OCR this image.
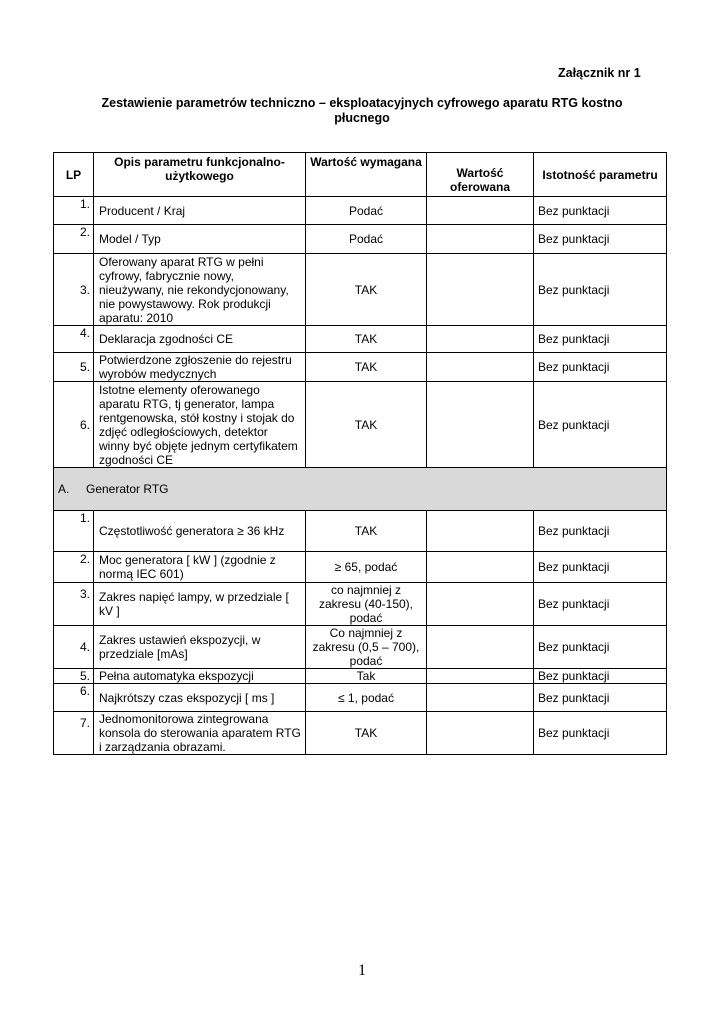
Załącznik nr 1
Zestawienie parametrów techniczno – eksploatacyjnych cyfrowego aparatu RTG kostno płucnego
LP	Opis parametru funkcjonalno-użytkowego	Wartość wymagana	Wartość oferowana	Istotność parametru
1.	Producent / Kraj	Podać		Bez punktacji
2.	Model / Typ	Podać		Bez punktacji
3.	Oferowany aparat RTG w pełni cyfrowy, fabrycznie nowy, nieużywany, nie rekondycjonowany, nie powystawowy. Rok produkcji aparatu: 2010	TAK		Bez punktacji
4.	Deklaracja zgodności CE	TAK		Bez punktacji
5.	Potwierdzone zgłoszenie do rejestru wyrobów medycznych	TAK		Bez punktacji
6.	Istotne elementy oferowanego aparatu RTG, tj generator, lampa rentgenowska, stół kostny i stojak do zdjęć odległościowych, detektor winny być objęte jednym certyfikatem zgodności CE	TAK		Bez punktacji
A. Generator RTG				
1.	Częstotliwość generatora ≥ 36 kHz	TAK		Bez punktacji
2.	Moc generatora [ kW ] (zgodnie z normą IEC 601)	≥ 65, podać		Bez punktacji
3.	Zakres napięć lampy, w przedziale [ kV ]	co najmniej z zakresu (40-150), podać		Bez punktacji
4.	Zakres ustawień ekspozycji, w przedziale [mAs]	Co najmniej z zakresu (0,5 – 700), podać		Bez punktacji
5.	Pełna automatyka ekspozycji	Tak		Bez punktacji
6.	Najkrótszy czas ekspozycji [ ms ]	≤ 1, podać		Bez punktacji
7.	Jednomonitorowa zintegrowana konsola do sterowania aparatem RTG i zarządzania obrazami.	TAK		Bez punktacji
1
